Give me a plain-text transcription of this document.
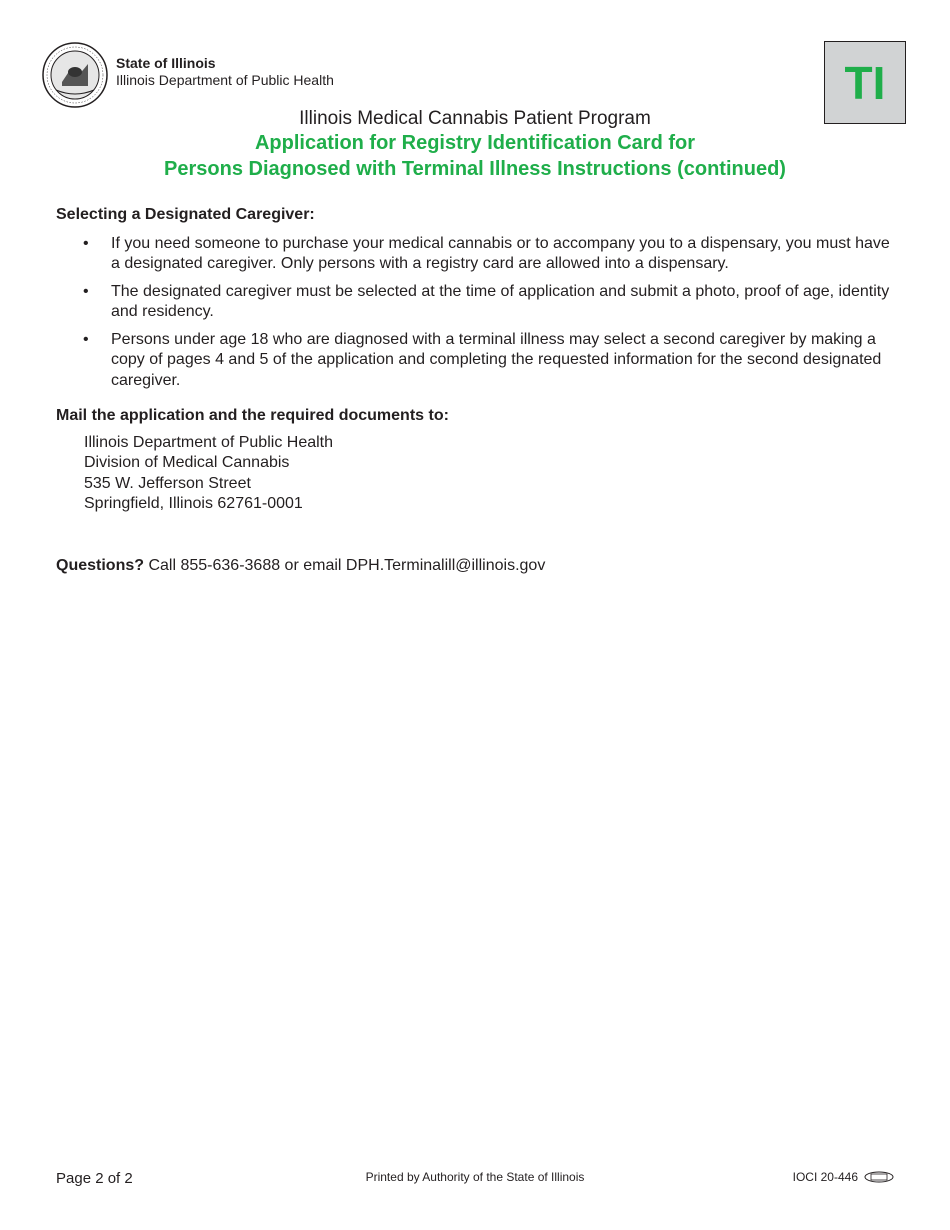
State of Illinois
Illinois Department of Public Health	TI
Illinois Medical Cannabis Patient Program
Application for Registry Identification Card for
Persons Diagnosed with Terminal Illness Instructions (continued)
Selecting a Designated Caregiver:
• If you need someone to purchase your medical cannabis or to accompany you to a dispensary, you must have a designated caregiver. Only persons with a registry card are allowed into a dispensary.
• The designated caregiver must be selected at the time of application and submit a photo, proof of age, identity and residency.
• Persons under age 18 who are diagnosed with a terminal illness may select a second caregiver by making a copy of pages 4 and 5 of the application and completing the requested information for the second designated caregiver.
Mail the application and the required documents to:
Illinois Department of Public Health
Division of Medical Cannabis
535 W. Jefferson Street
Springfield, Illinois 62761-0001
Questions? Call 855-636-3688 or email DPH.Terminalill@illinois.gov
Page 2 of 2	Printed by Authority of the State of Illinois	IOCI 20-446
